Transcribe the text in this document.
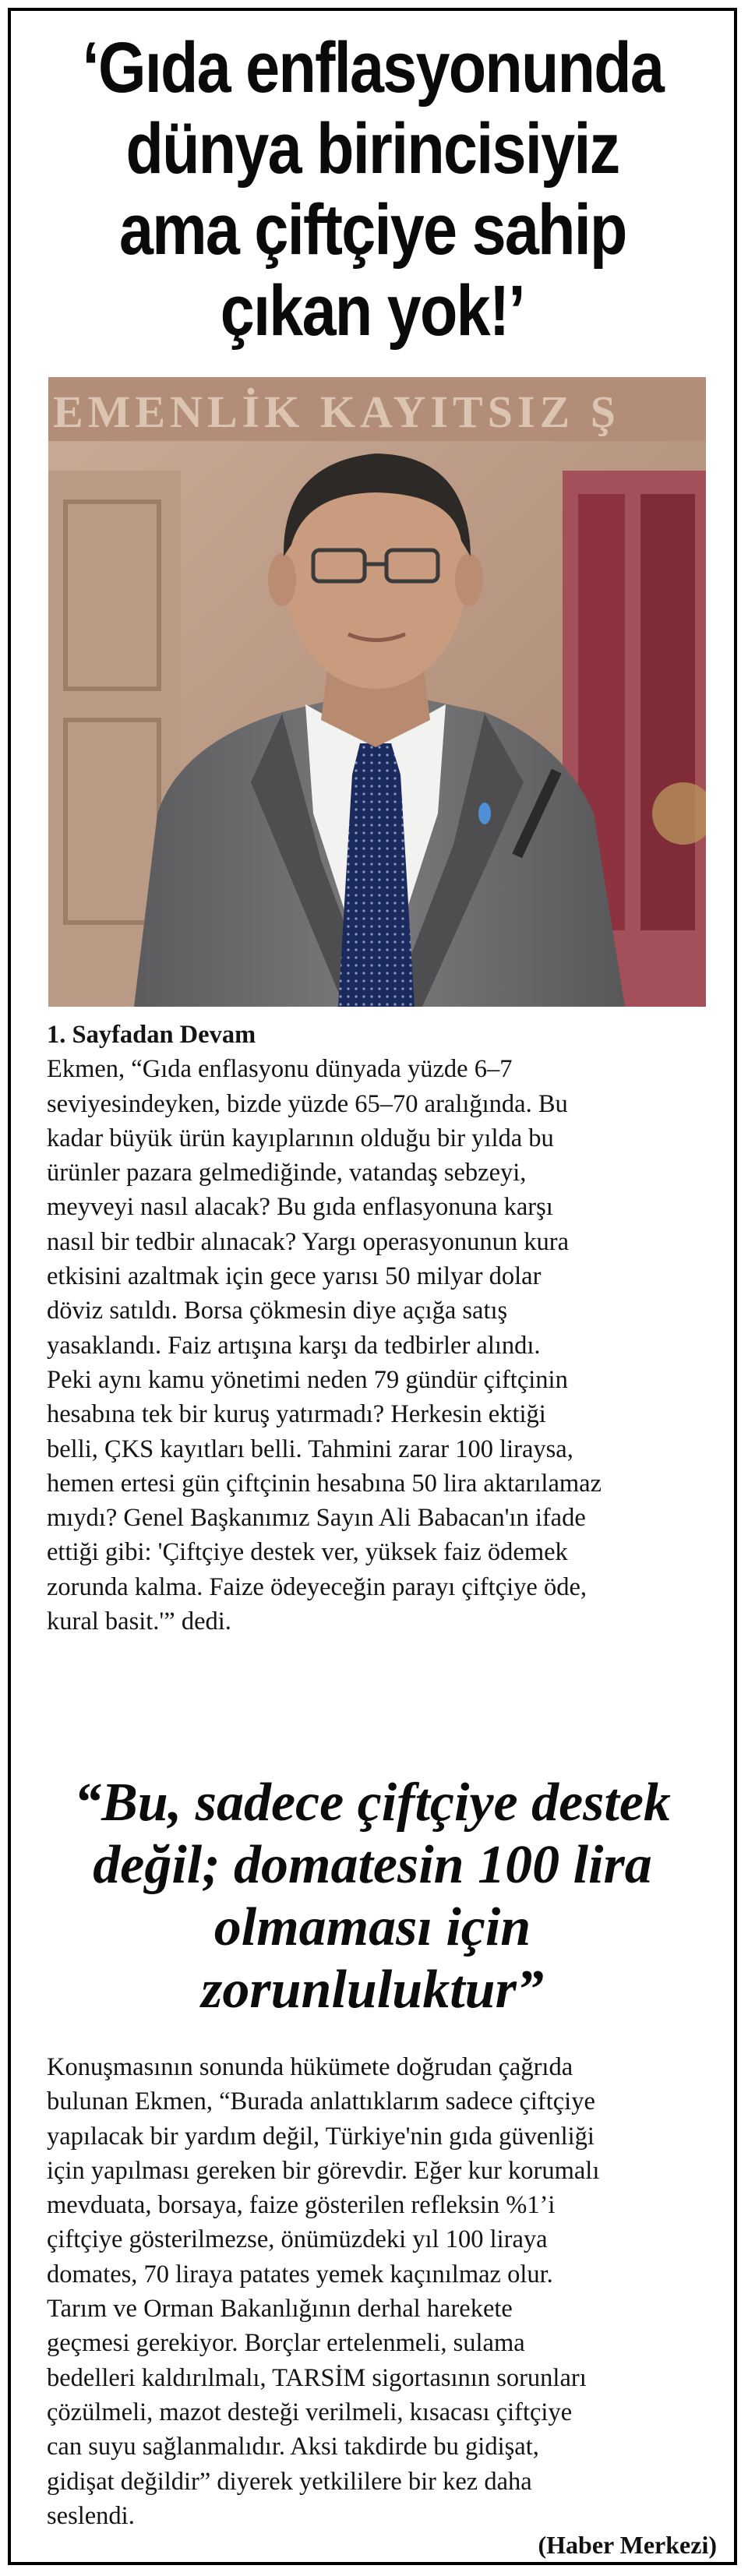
‘Gıda enflasyonunda
dünya birincisiyiz
ama çiftçiye sahip
çıkan yok!’
EMENLİK KAYITSIZ Ş
1. Sayfadan Devam
Ekmen, “Gıda enflasyonu dünyada yüzde 6–7
seviyesindeyken, bizde yüzde 65–70 aralığında. Bu
kadar büyük ürün kayıplarının olduğu bir yılda bu
ürünler pazara gelmediğinde, vatandaş sebzeyi,
meyveyi nasıl alacak? Bu gıda enflasyonuna karşı
nasıl bir tedbir alınacak? Yargı operasyonunun kura
etkisini azaltmak için gece yarısı 50 milyar dolar
döviz satıldı. Borsa çökmesin diye açığa satış
yasaklandı. Faiz artışına karşı da tedbirler alındı.
Peki aynı kamu yönetimi neden 79 gündür çiftçinin
hesabına tek bir kuruş yatırmadı? Herkesin ektiği
belli, ÇKS kayıtları belli. Tahmini zarar 100 liraysa,
hemen ertesi gün çiftçinin hesabına 50 lira aktarılamaz
mıydı? Genel Başkanımız Sayın Ali Babacan'ın ifade
ettiği gibi: 'Çiftçiye destek ver, yüksek faiz ödemek
zorunda kalma. Faize ödeyeceğin parayı çiftçiye öde,
kural basit.'” dedi.
“Bu, sadece çiftçiye destek
değil; domatesin 100 lira
olmaması için
zorunluluktur”
Konuşmasının sonunda hükümete doğrudan çağrıda
bulunan Ekmen, “Burada anlattıklarım sadece çiftçiye
yapılacak bir yardım değil, Türkiye'nin gıda güvenliği
için yapılması gereken bir görevdir. Eğer kur korumalı
mevduata, borsaya, faize gösterilen refleksin %1’i
çiftçiye gösterilmezse, önümüzdeki yıl 100 liraya
domates, 70 liraya patates yemek kaçınılmaz olur.
Tarım ve Orman Bakanlığının derhal harekete
geçmesi gerekiyor. Borçlar ertelenmeli, sulama
bedelleri kaldırılmalı, TARSİM sigortasının sorunları
çözülmeli, mazot desteği verilmeli, kısacası çiftçiye
can suyu sağlanmalıdır. Aksi takdirde bu gidişat,
gidişat değildir” diyerek yetkililere bir kez daha
seslendi.
(Haber Merkezi)
